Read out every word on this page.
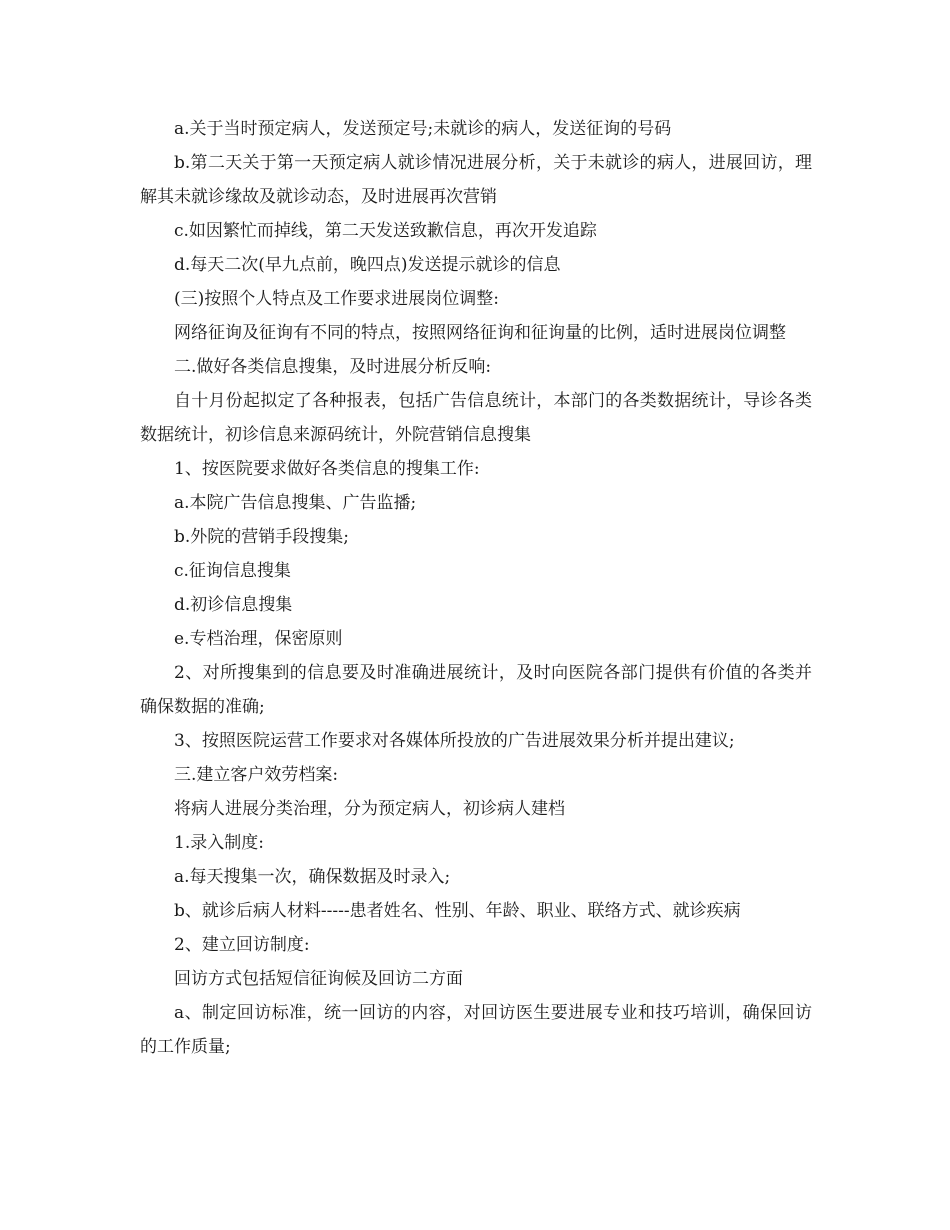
a.关于当时预定病人，发送预定号;未就诊的病人，发送征询的号码

b.第二天关于第一天预定病人就诊情况进展分析，关于未就诊的病人，进展回访，理解其未就诊缘故及就诊动态，及时进展再次营销

c.如因繁忙而掉线，第二天发送致歉信息，再次开发追踪

d.每天二次(早九点前，晚四点)发送提示就诊的信息

(三)按照个人特点及工作要求进展岗位调整:

网络征询及征询有不同的特点，按照网络征询和征询量的比例，适时进展岗位调整

二.做好各类信息搜集，及时进展分析反响:

自十月份起拟定了各种报表，包括广告信息统计，本部门的各类数据统计，导诊各类数据统计，初诊信息来源码统计，外院营销信息搜集

1、按医院要求做好各类信息的搜集工作:

a.本院广告信息搜集、广告监播;

b.外院的营销手段搜集;

c.征询信息搜集

d.初诊信息搜集

e.专档治理，保密原则

2、对所搜集到的信息要及时准确进展统计，及时向医院各部门提供有价值的各类并确保数据的准确;

3、按照医院运营工作要求对各媒体所投放的广告进展效果分析并提出建议;

三.建立客户效劳档案:

将病人进展分类治理，分为预定病人，初诊病人建档

1.录入制度:

a.每天搜集一次，确保数据及时录入;

b、就诊后病人材料-----患者姓名、性别、年龄、职业、联络方式、就诊疾病

2、建立回访制度:

回访方式包括短信征询候及回访二方面

a、制定回访标准，统一回访的内容，对回访医生要进展专业和技巧培训，确保回访的工作质量;
